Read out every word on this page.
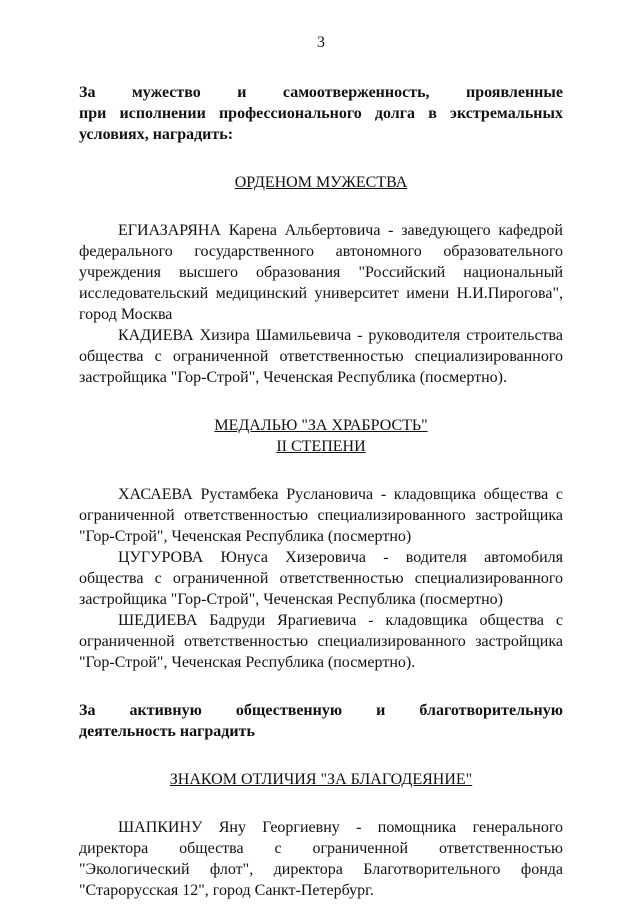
3

За мужество и самоотверженность, проявленные

при исполнении профессионального долга в экстремальных условиях, наградить:

ОРДЕНОМ МУЖЕСТВА

ЕГИАЗАРЯНА Карена Альбертовича - заведующего кафедрой федерального государственного автономного образовательного учреждения высшего образования "Российский национальный исследовательский медицинский университет имени Н.И.Пирогова", город Москва

КАДИЕВА Хизира Шамильевича - руководителя строительства общества с ограниченной ответственностью специализированного застройщика "Гор-Строй", Чеченская Республика (посмертно).

МЕДАЛЬЮ "ЗА ХРАБРОСТЬ"

II СТЕПЕНИ

ХАСАЕВА Рустамбека Руслановича - кладовщика общества с ограниченной ответственностью специализированного застройщика "Гор-Строй", Чеченская Республика (посмертно)

ЦУГУРОВА Юнуса Хизеровича - водителя автомобиля общества с ограниченной ответственностью специализированного застройщика "Гор-Строй", Чеченская Республика (посмертно)

ШЕДИЕВА Бадруди Ярагиевича - кладовщика общества с ограниченной ответственностью специализированного застройщика "Гор-Строй", Чеченская Республика (посмертно).

За активную общественную и благотворительную

деятельность наградить

ЗНАКОМ ОТЛИЧИЯ "ЗА БЛАГОДЕЯНИЕ"

ШАПКИНУ Яну Георгиевну - помощника генерального директора общества с ограниченной ответственностью "Экологический флот", директора Благотворительного фонда "Старорусская 12", город Санкт-Петербург.
